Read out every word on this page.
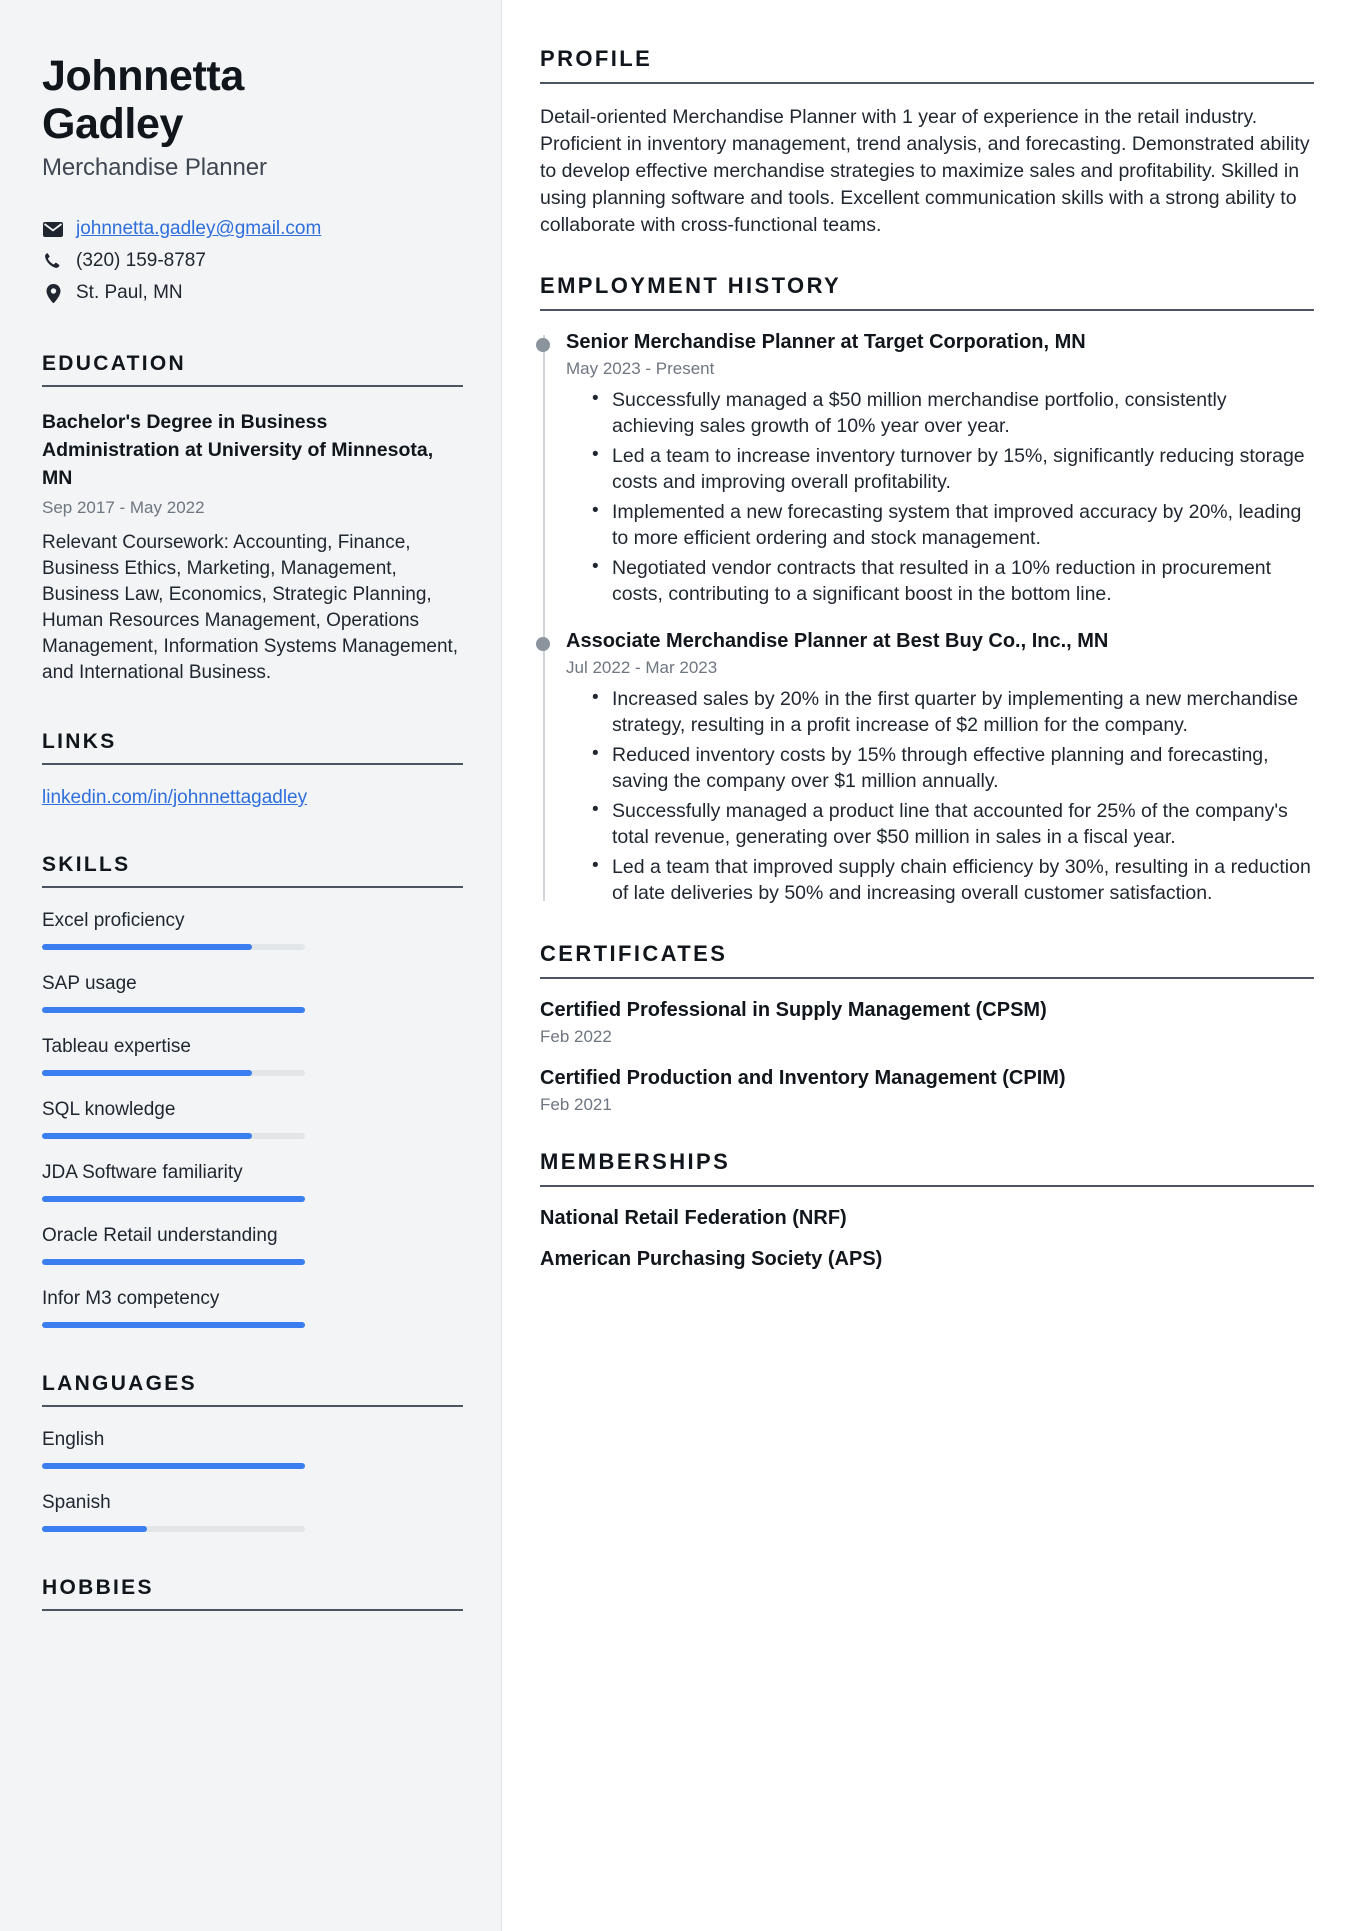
Johnnetta Gadley
Merchandise Planner
johnnetta.gadley@gmail.com
(320) 159-8787
St. Paul, MN
EDUCATION
Bachelor's Degree in Business Administration at University of Minnesota, MN
Sep 2017 - May 2022
Relevant Coursework: Accounting, Finance, Business Ethics, Marketing, Management, Business Law, Economics, Strategic Planning, Human Resources Management, Operations Management, Information Systems Management, and International Business.
LINKS
linkedin.com/in/johnnettagadley
SKILLS
Excel proficiency
SAP usage
Tableau expertise
SQL knowledge
JDA Software familiarity
Oracle Retail understanding
Infor M3 competency
LANGUAGES
English
Spanish
HOBBIES
PROFILE

Detail-oriented Merchandise Planner with 1 year of experience in the retail industry. Proficient in inventory management, trend analysis, and forecasting. Demonstrated ability to develop effective merchandise strategies to maximize sales and profitability. Skilled in using planning software and tools. Excellent communication skills with a strong ability to collaborate with cross-functional teams.

EMPLOYMENT HISTORY
Senior Merchandise Planner at Target Corporation, MN
May 2023 - Present
• Successfully managed a $50 million merchandise portfolio, consistently achieving sales growth of 10% year over year.
• Led a team to increase inventory turnover by 15%, significantly reducing storage costs and improving overall profitability.
• Implemented a new forecasting system that improved accuracy by 20%, leading to more efficient ordering and stock management.
• Negotiated vendor contracts that resulted in a 10% reduction in procurement costs, contributing to a significant boost in the bottom line.
Associate Merchandise Planner at Best Buy Co., Inc., MN
Jul 2022 - Mar 2023
• Increased sales by 20% in the first quarter by implementing a new merchandise strategy, resulting in a profit increase of $2 million for the company.
• Reduced inventory costs by 15% through effective planning and forecasting, saving the company over $1 million annually.
• Successfully managed a product line that accounted for 25% of the company's total revenue, generating over $50 million in sales in a fiscal year.
• Led a team that improved supply chain efficiency by 30%, resulting in a reduction of late deliveries by 50% and increasing overall customer satisfaction.
CERTIFICATES
Certified Professional in Supply Management (CPSM)
Feb 2022
Certified Production and Inventory Management (CPIM)
Feb 2021
MEMBERSHIPS
National Retail Federation (NRF)
American Purchasing Society (APS)
